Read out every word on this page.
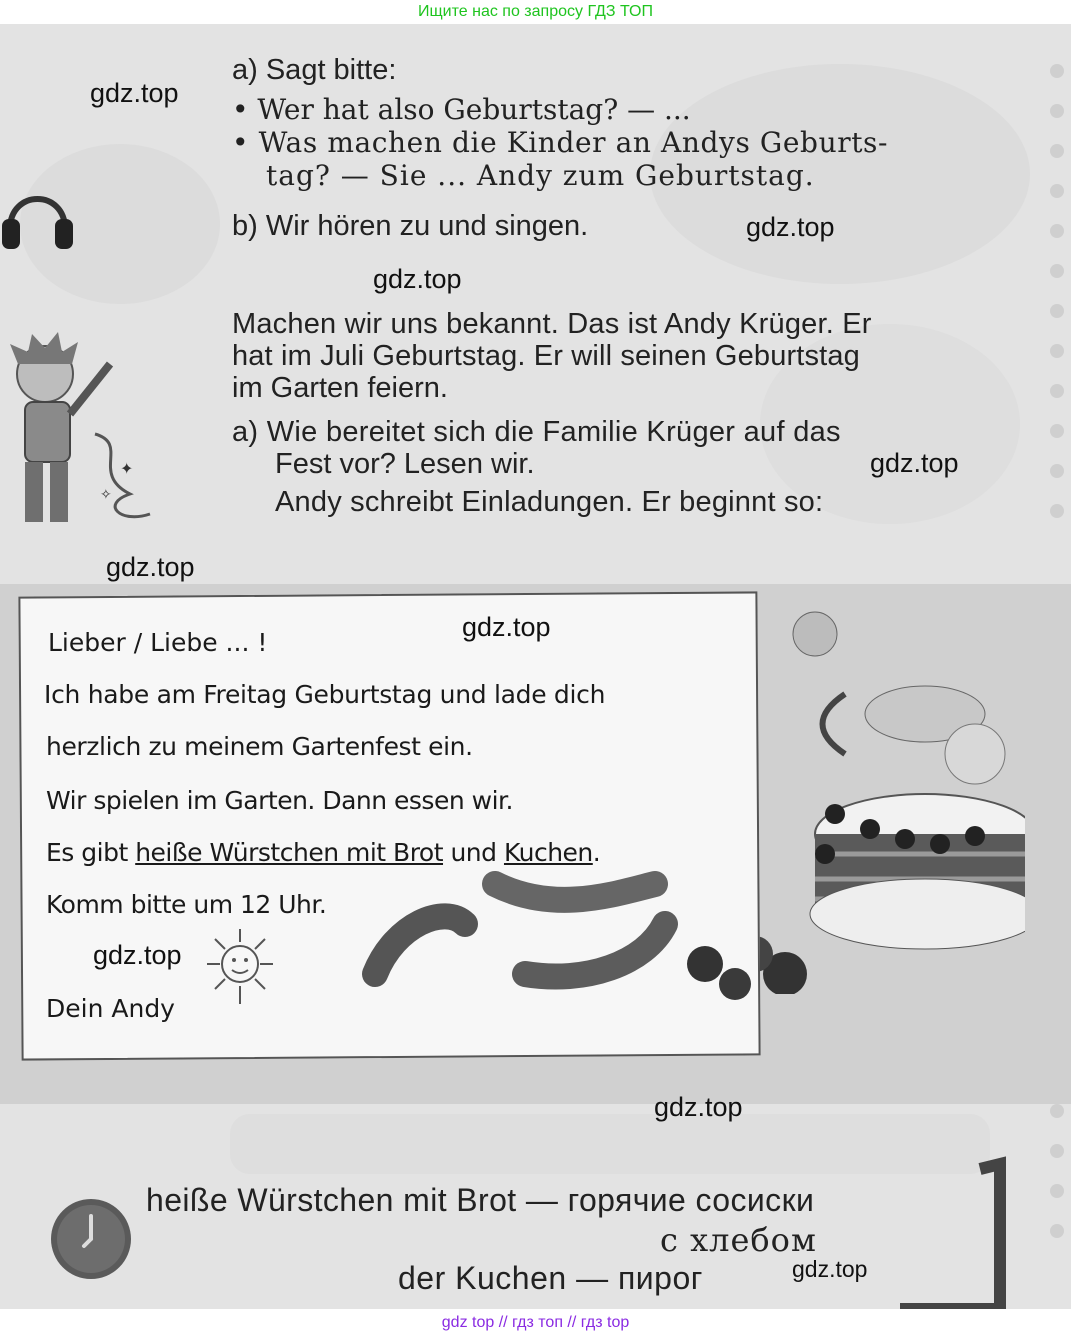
Ищите нас по запросу ГДЗ ТОП
✦
✧
a) Sagt bitte:
• Wer hat also Geburtstag? — ...
• Was machen die Kinder an Andys Geburts-
tag? — Sie ... Andy zum Geburtstag.
b) Wir hören zu und singen.
Machen wir uns bekannt. Das ist Andy Krüger. Er
hat im Juli Geburtstag. Er will seinen Geburtstag
im Garten feiern.
a) Wie bereitet sich die Familie Krüger auf das
Fest vor? Lesen wir.
Andy schreibt Einladungen. Er beginnt so:
Lieber / Liebe ... !
Ich habe am Freitag Geburtstag und lade dich
herzlich zu meinem Gartenfest ein.
Wir spielen im Garten. Dann essen wir.
Es gibt heiße Würstchen mit Brot und Kuchen.
Komm bitte um 12 Uhr.
Dein Andy
heiße Würstchen mit Brot — горячие сосиски
с хлебом
der Kuchen — пирог
gdz.top
gdz.top
gdz.top
gdz.top
gdz.top
gdz.top
gdz.top
gdz.top
gdz.top
gdz top // гдз топ // гдз top
